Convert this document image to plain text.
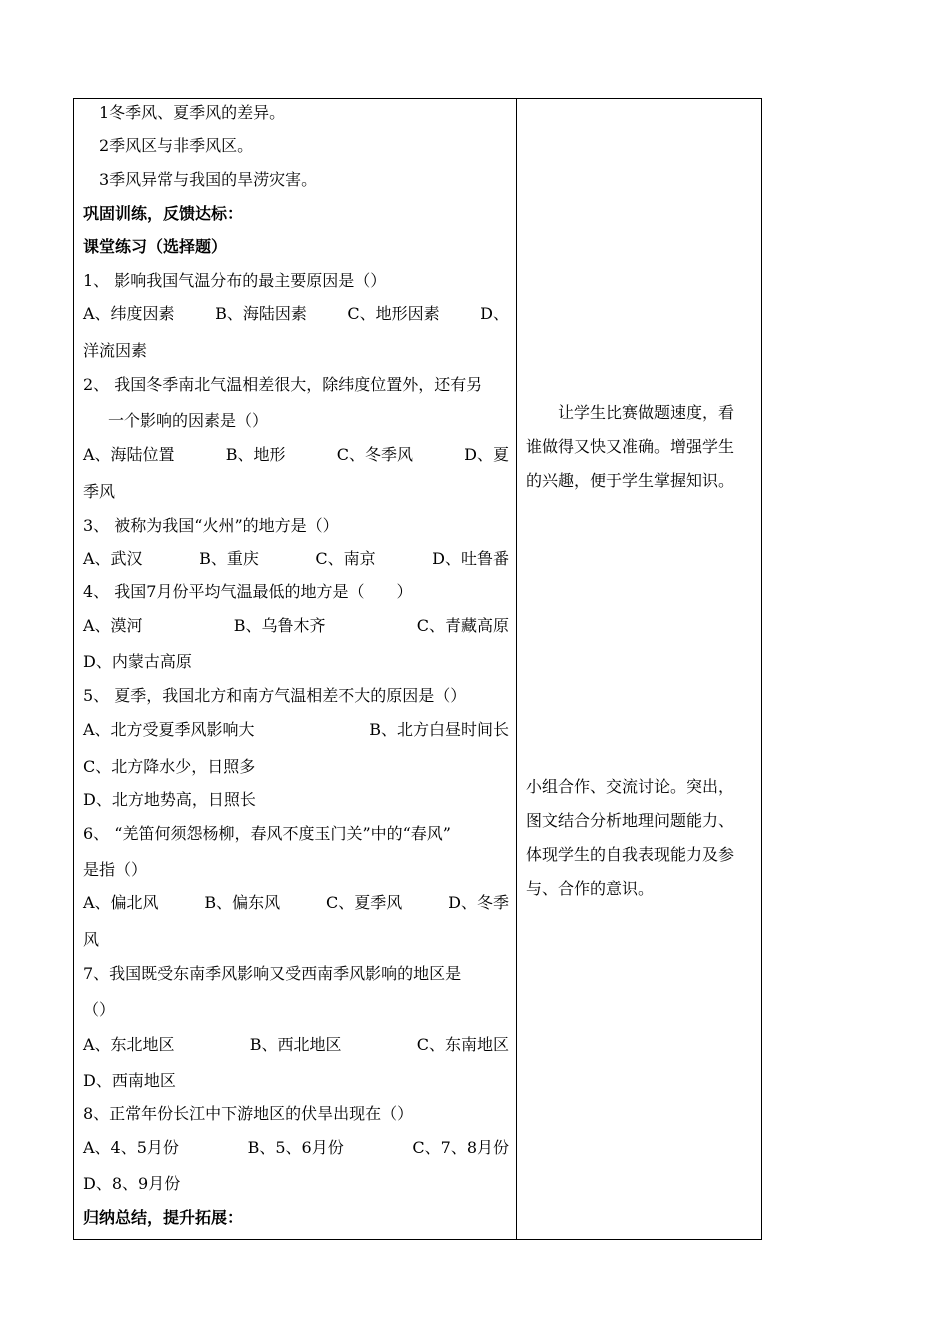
1冬季风、夏季风的差异。
2季风区与非季风区。
3季风异常与我国的旱涝灾害。
巩固训练，反馈达标：
课堂练习（选择题）
1、 影响我国气温分布的最主要原因是（）
A、纬度因素	B、海陆因素	C、地形因素	D、
洋流因素
2、 我国冬季南北气温相差很大，除纬度位置外，还有另
一个影响的因素是（）
A、海陆位置	B、地形	C、冬季风	D、夏
季风
3、 被称为我国“火州”的地方是（）
A、武汉	B、重庆	C、南京	D、吐鲁番
4、 我国7月份平均气温最低的地方是（　　）
A、漠河	B、乌鲁木齐	C、青藏高原
D、内蒙古高原
5、 夏季，我国北方和南方气温相差不大的原因是（）
A、北方受夏季风影响大	B、北方白昼时间长
C、北方降水少，日照多
D、北方地势高，日照长
6、 “羌笛何须怨杨柳，春风不度玉门关”中的“春风”
是指（）
A、偏北风	B、偏东风	C、夏季风	D、冬季
风
7、我国既受东南季风影响又受西南季风影响的地区是
（）
A、东北地区	B、西北地区	C、东南地区
D、西南地区
8、正常年份长江中下游地区的伏旱出现在（）
A、4、5月份	B、5、6月份	C、7、8月份
D、8、9月份
归纳总结，提升拓展：

　　让学生比赛做题速度，看

谁做得又快又准确。增强学生

的兴趣，便于学生掌握知识。

小组合作、交流讨论。突出，

图文结合分析地理问题能力、

体现学生的自我表现能力及参

与、合作的意识。
